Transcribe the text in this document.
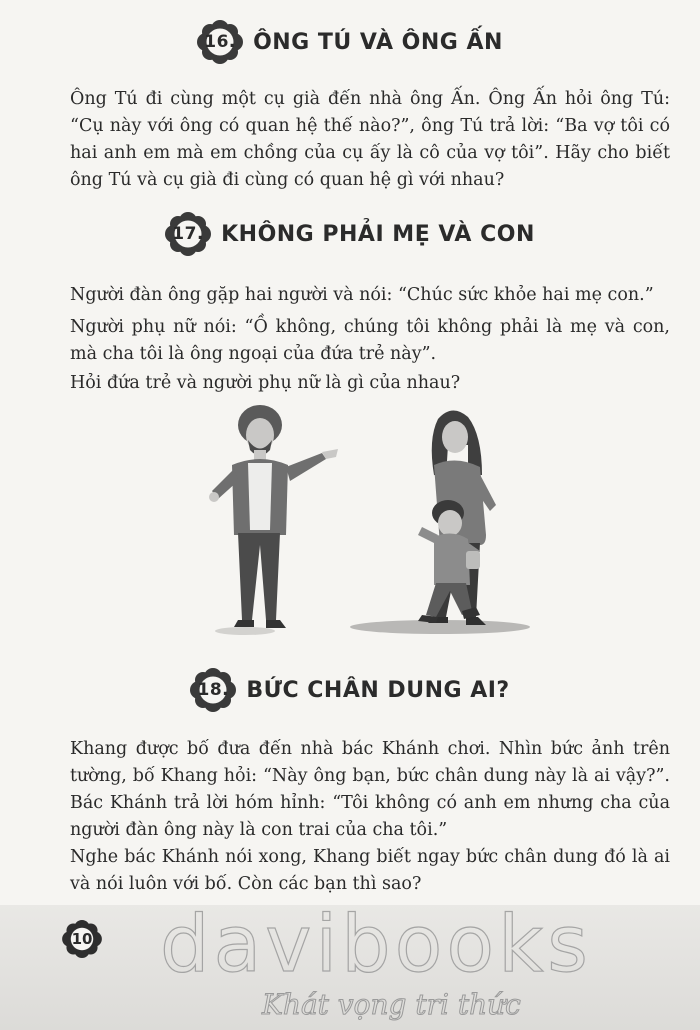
16. ÔNG TÚ VÀ ÔNG ẤN

Ông Tú đi cùng một cụ già đến nhà ông Ấn. Ông Ấn hỏi ông Tú: “Cụ này với ông có quan hệ thế nào?”, ông Tú trả lời: “Ba vợ tôi có hai anh em mà em chồng của cụ ấy là cô của vợ tôi”. Hãy cho biết ông Tú và cụ già đi cùng có quan hệ gì với nhau?

17. KHÔNG PHẢI MẸ VÀ CON

Người đàn ông gặp hai người và nói: “Chúc sức khỏe hai mẹ con.”

Người phụ nữ nói: “Ồ không, chúng tôi không phải là mẹ và con, mà cha tôi là ông ngoại của đứa trẻ này”.

Hỏi đứa trẻ và người phụ nữ là gì của nhau?

18. BỨC CHÂN DUNG AI?

Khang được bố đưa đến nhà bác Khánh chơi. Nhìn bức ảnh trên tường, bố Khang hỏi: “Này ông bạn, bức chân dung này là ai vậy?”. Bác Khánh trả lời hóm hỉnh: “Tôi không có anh em nhưng cha của người đàn ông này là con trai của cha tôi.”

Nghe bác Khánh nói xong, Khang biết ngay bức chân dung đó là ai và nói luôn với bố. Còn các bạn thì sao?

10 davibooks
Khát vọng tri thức
